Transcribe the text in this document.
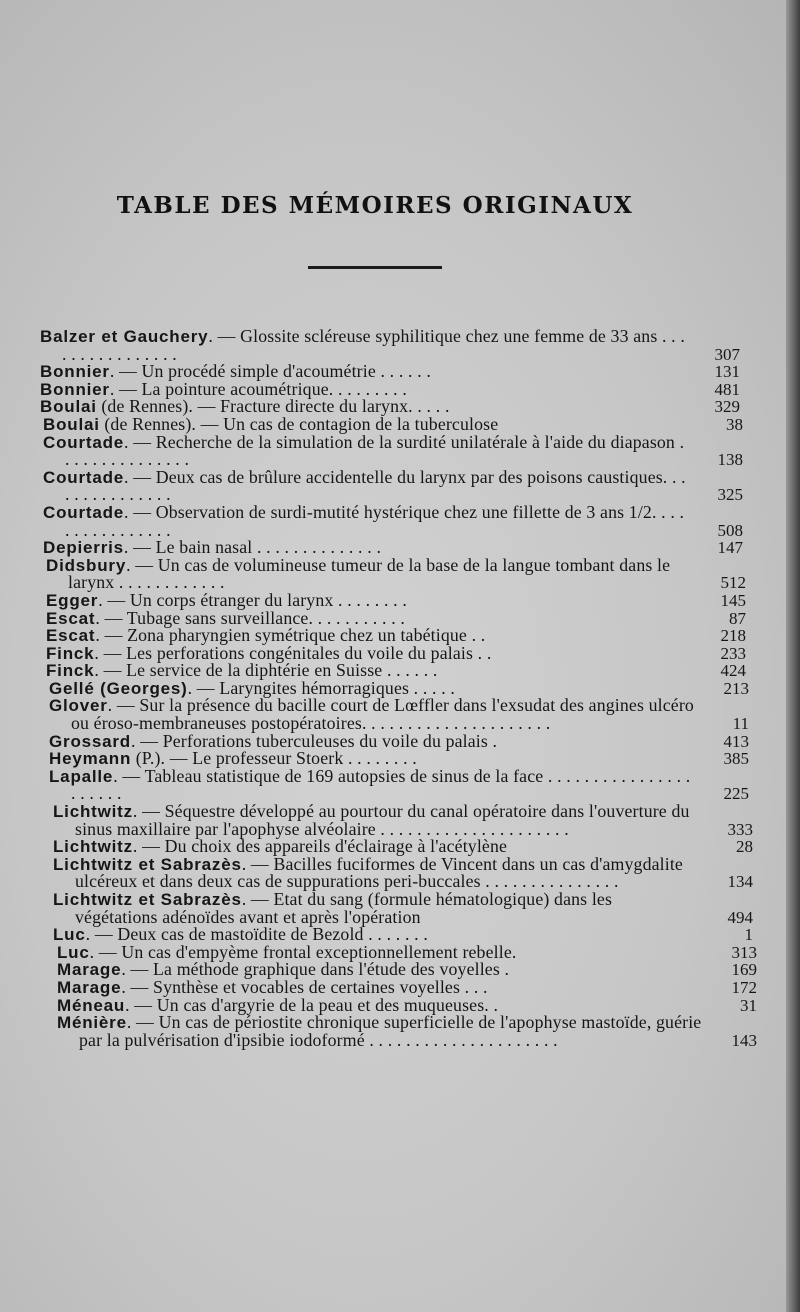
TABLE DES MÉMOIRES ORIGINAUX
Balzer et Gauchery. — Glossite scléreuse syphilitique chez une femme de 33 ans . . . . . . . . . . . . . . . .	307
Bonnier. — Un procédé simple d'acoumétrie . . . . . .	131
Bonnier. — La pointure acoumétrique. . . . . . . . .	481
Boulai (de Rennes). — Fracture directe du larynx. . . . .	329
Boulai (de Rennes). — Un cas de contagion de la tuberculose	38
Courtade. — Recherche de la simulation de la surdité unilatérale à l'aide du diapason . . . . . . . . . . . . . . .	138
Courtade. — Deux cas de brûlure accidentelle du larynx par des poisons caustiques. . . . . . . . . . . . . . .	325
Courtade. — Observation de surdi-mutité hystérique chez une fillette de 3 ans 1/2. . . . . . . . . . . . . . . .	508
Depierris. — Le bain nasal . . . . . . . . . . . . . .	147
Didsbury. — Un cas de volumineuse tumeur de la base de la langue tombant dans le larynx . . . . . . . . . . . .	512
Egger. — Un corps étranger du larynx . . . . . . . .	145
Escat. — Tubage sans surveillance. . . . . . . . . . .	87
Escat. — Zona pharyngien symétrique chez un tabétique . .	218
Finck. — Les perforations congénitales du voile du palais . .	233
Finck. — Le service de la diphtérie en Suisse . . . . . .	424
Gellé (Georges). — Laryngites hémorragiques . . . . .	213
Glover. — Sur la présence du bacille court de Lœffler dans l'exsudat des angines ulcéro ou éroso-membraneuses postopératoires. . . . . . . . . . . . . . . . . . . . .	11
Grossard. — Perforations tuberculeuses du voile du palais .	413
Heymann (P.). — Le professeur Stoerk . . . . . . . .	385
Lapalle. — Tableau statistique de 169 autopsies de sinus de la face . . . . . . . . . . . . . . . . . . . . . .	225
Lichtwitz. — Séquestre développé au pourtour du canal opératoire dans l'ouverture du sinus maxillaire par l'apophyse alvéolaire . . . . . . . . . . . . . . . . . . . . .	333
Lichtwitz. — Du choix des appareils d'éclairage à l'acétylène	28
Lichtwitz et Sabrazès. — Bacilles fuciformes de Vincent dans un cas d'amygdalite ulcéreux et dans deux cas de suppurations peri-buccales . . . . . . . . . . . . . . .	134
Lichtwitz et Sabrazès. — Etat du sang (formule hématologique) dans les végétations adénoïdes avant et après l'opération	494
Luc. — Deux cas de mastoïdite de Bezold . . . . . . .	1
Luc. — Un cas d'empyème frontal exceptionnellement rebelle.	313
Marage. — La méthode graphique dans l'étude des voyelles .	169
Marage. — Synthèse et vocables de certaines voyelles . . .	172
Méneau. — Un cas d'argyrie de la peau et des muqueuses. .	31
Ménière. — Un cas de périostite chronique superficielle de l'apophyse mastoïde, guérie par la pulvérisation d'ipsibie iodoformé . . . . . . . . . . . . . . . . . . . . .	143
